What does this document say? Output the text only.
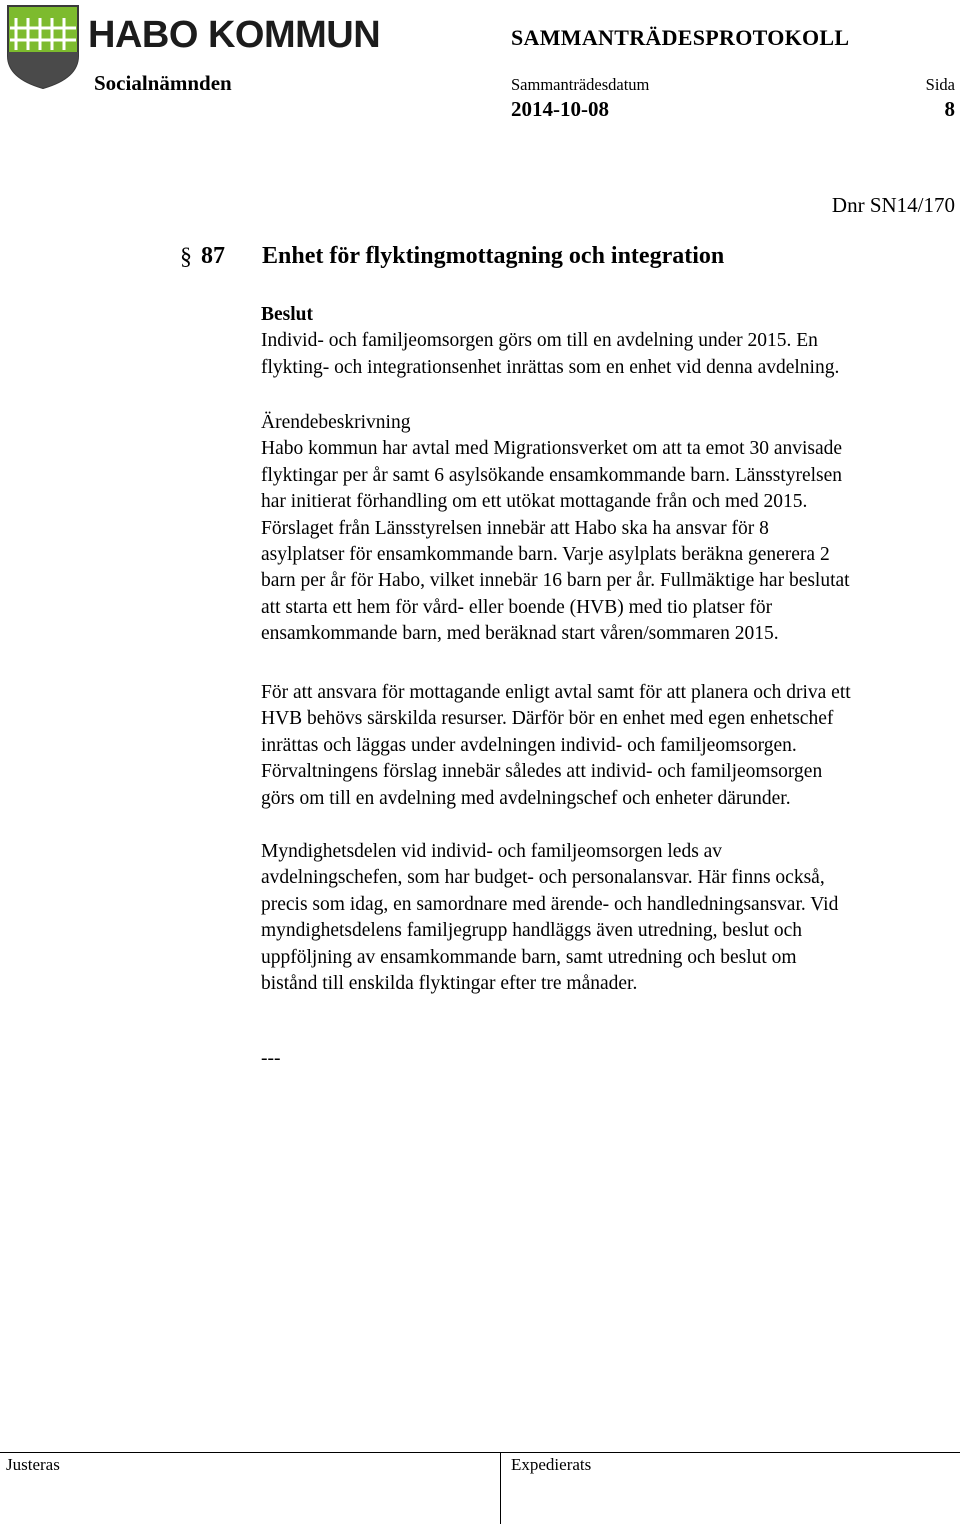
HABO KOMMUN
Socialnämnden
SAMMANTRÄDESPROTOKOLL
Sammanträdesdatum
2014-10-08
Sida
8
Dnr SN14/170
§ 87 Enhet för flyktingmottagning och integration
Beslut
Individ- och familjeomsorgen görs om till en avdelning under 2015. En
flykting- och integrationsenhet inrättas som en enhet vid denna avdelning.
Ärendebeskrivning
Habo kommun har avtal med Migrationsverket om att ta emot 30 anvisade
flyktingar per år samt 6 asylsökande ensamkommande barn. Länsstyrelsen
har initierat förhandling om ett utökat mottagande från och med 2015.
Förslaget från Länsstyrelsen innebär att Habo ska ha ansvar för 8
asylplatser för ensamkommande barn. Varje asylplats beräkna generera 2
barn per år för Habo, vilket innebär 16 barn per år. Fullmäktige har beslutat
att starta ett hem för vård- eller boende (HVB) med tio platser för
ensamkommande barn, med beräknad start våren/sommaren 2015.
För att ansvara för mottagande enligt avtal samt för att planera och driva ett
HVB behövs särskilda resurser. Därför bör en enhet med egen enhetschef
inrättas och läggas under avdelningen individ- och familjeomsorgen.
Förvaltningens förslag innebär således att individ- och familjeomsorgen
görs om till en avdelning med avdelningschef och enheter därunder.
Myndighetsdelen vid individ- och familjeomsorgen leds av
avdelningschefen, som har budget- och personalansvar. Här finns också,
precis som idag, en samordnare med ärende- och handledningsansvar. Vid
myndighetsdelens familjegrupp handläggs även utredning, beslut och
uppföljning av ensamkommande barn, samt utredning och beslut om
bistånd till enskilda flyktingar efter tre månader.
---
Justeras	Expedierats
